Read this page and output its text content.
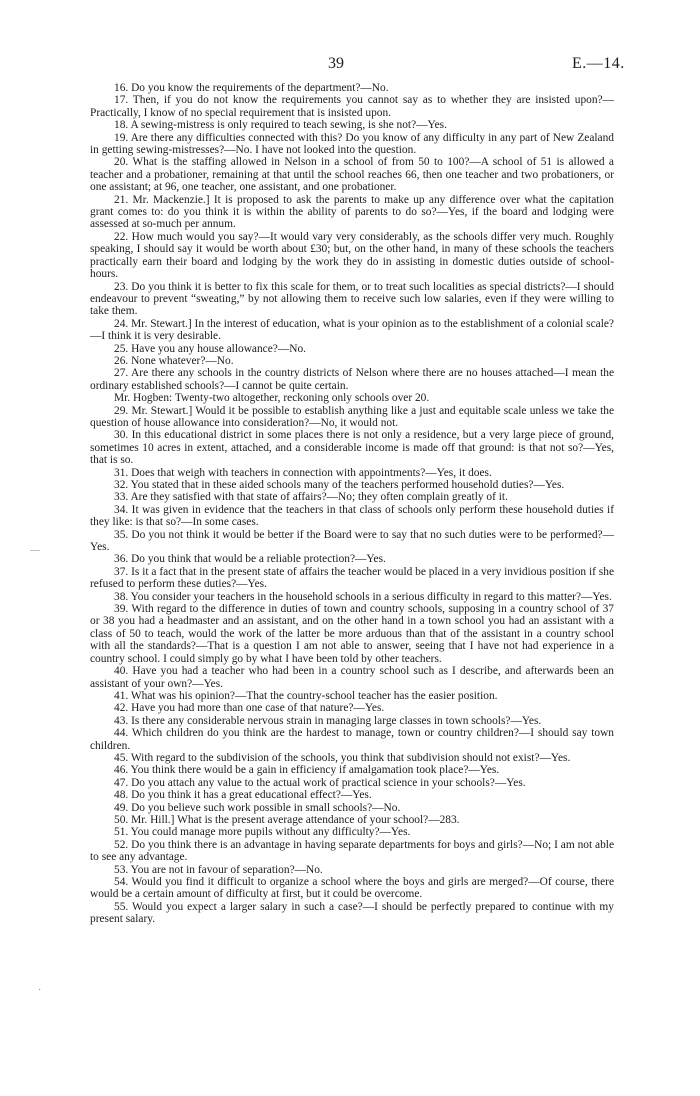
39	E.—14.
—
·

16. Do you know the requirements of the department?—No.

17. Then, if you do not know the requirements you cannot say as to whether they are insisted upon?—Practically, I know of no special requirement that is insisted upon.

18. A sewing-mistress is only required to teach sewing, is she not?—Yes.

19. Are there any difficulties connected with this? Do you know of any difficulty in any part of New Zealand in getting sewing-mistresses?—No. I have not looked into the question.

20. What is the staffing allowed in Nelson in a school of from 50 to 100?—A school of 51 is allowed a teacher and a probationer, remaining at that until the school reaches 66, then one teacher and two probationers, or one assistant; at 96, one teacher, one assistant, and one probationer.

21. Mr. Mackenzie.] It is proposed to ask the parents to make up any difference over what the capitation grant comes to: do you think it is within the ability of parents to do so?—Yes, if the board and lodging were assessed at so-much per annum.

22. How much would you say?—It would vary very considerably, as the schools differ very much. Roughly speaking, I should say it would be worth about £30; but, on the other hand, in many of these schools the teachers practically earn their board and lodging by the work they do in assisting in domestic duties outside of school-hours.

23. Do you think it is better to fix this scale for them, or to treat such localities as special districts?—I should endeavour to prevent “sweating,” by not allowing them to receive such low salaries, even if they were willing to take them.

24. Mr. Stewart.] In the interest of education, what is your opinion as to the establishment of a colonial scale?—I think it is very desirable.

25. Have you any house allowance?—No.

26. None whatever?—No.

27. Are there any schools in the country districts of Nelson where there are no houses attached—I mean the ordinary established schools?—I cannot be quite certain.

Mr. Hogben: Twenty-two altogether, reckoning only schools over 20.

29. Mr. Stewart.] Would it be possible to establish anything like a just and equitable scale unless we take the question of house allowance into consideration?—No, it would not.

30. In this educational district in some places there is not only a residence, but a very large piece of ground, sometimes 10 acres in extent, attached, and a considerable income is made off that ground: is that not so?—Yes, that is so.

31. Does that weigh with teachers in connection with appointments?—Yes, it does.

32. You stated that in these aided schools many of the teachers performed household duties?—Yes.

33. Are they satisfied with that state of affairs?—No; they often complain greatly of it.

34. It was given in evidence that the teachers in that class of schools only perform these household duties if they like: is that so?—In some cases.

35. Do you not think it would be better if the Board were to say that no such duties were to be performed?—Yes.

36. Do you think that would be a reliable protection?—Yes.

37. Is it a fact that in the present state of affairs the teacher would be placed in a very invidious position if she refused to perform these duties?—Yes.

38. You consider your teachers in the household schools in a serious difficulty in regard to this matter?—Yes.

39. With regard to the difference in duties of town and country schools, supposing in a country school of 37 or 38 you had a headmaster and an assistant, and on the other hand in a town school you had an assistant with a class of 50 to teach, would the work of the latter be more arduous than that of the assistant in a country school with all the standards?—That is a question I am not able to answer, seeing that I have not had experience in a country school. I could simply go by what I have been told by other teachers.

40. Have you had a teacher who had been in a country school such as I describe, and afterwards been an assistant of your own?—Yes.

41. What was his opinion?—That the country-school teacher has the easier position.

42. Have you had more than one case of that nature?—Yes.

43. Is there any considerable nervous strain in managing large classes in town schools?—Yes.

44. Which children do you think are the hardest to manage, town or country children?—I should say town children.

45. With regard to the subdivision of the schools, you think that subdivision should not exist?—Yes.

46. You think there would be a gain in efficiency if amalgamation took place?—Yes.

47. Do you attach any value to the actual work of practical science in your schools?—Yes.

48. Do you think it has a great educational effect?—Yes.

49. Do you believe such work possible in small schools?—No.

50. Mr. Hill.] What is the present average attendance of your school?—283.

51. You could manage more pupils without any difficulty?—Yes.

52. Do you think there is an advantage in having separate departments for boys and girls?—No; I am not able to see any advantage.

53. You are not in favour of separation?—No.

54. Would you find it difficult to organize a school where the boys and girls are merged?—Of course, there would be a certain amount of difficulty at first, but it could be overcome.

55. Would you expect a larger salary in such a case?—I should be perfectly prepared to continue with my present salary.
